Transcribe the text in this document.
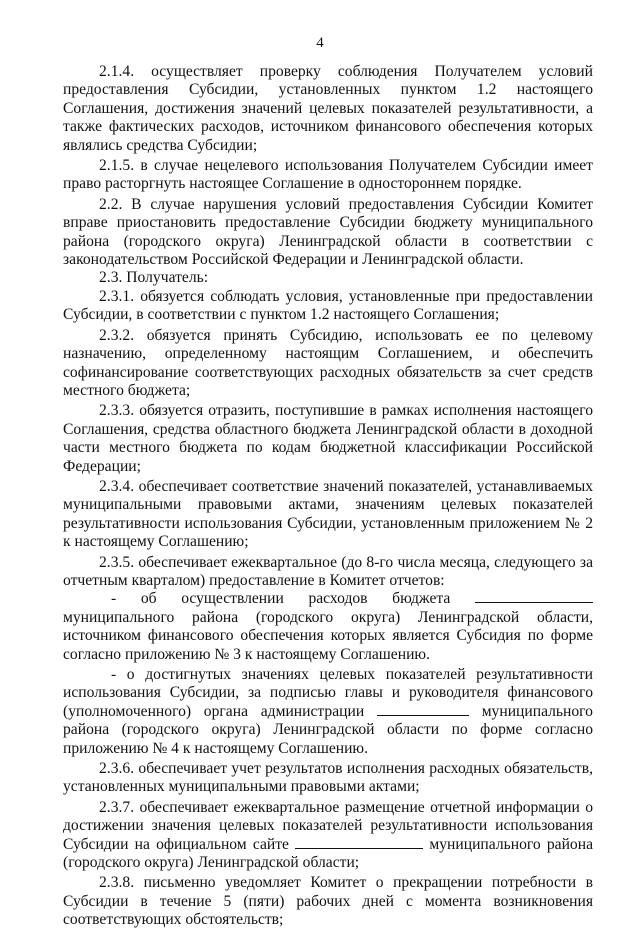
4

2.1.4. осуществляет проверку соблюдения Получателем условий предоставления Субсидии, установленных пунктом 1.2 настоящего Соглашения, достижения значений целевых показателей результативности, а также фактических расходов, источником финансового обеспечения которых являлись средства Субсидии;

2.1.5. в случае нецелевого использования Получателем Субсидии имеет право расторгнуть настоящее Соглашение в одностороннем порядке.

2.2. В случае нарушения условий предоставления Субсидии Комитет вправе приостановить предоставление Субсидии бюджету муниципального района (городского округа) Ленинградской области в соответствии с законодательством Российской Федерации и Ленинградской области.

2.3. Получатель:

2.3.1. обязуется соблюдать условия, установленные при предоставлении Субсидии, в соответствии с пунктом 1.2 настоящего Соглашения;

2.3.2. обязуется принять Субсидию, использовать ее по целевому назначению, определенному настоящим Соглашением, и обеспечить софинансирование соответствующих расходных обязательств за счет средств местного бюджета;

2.3.3. обязуется отразить, поступившие в рамках исполнения настоящего Соглашения, средства областного бюджета Ленинградской области в доходной части местного бюджета по кодам бюджетной классификации Российской Федерации;

2.3.4. обеспечивает соответствие значений показателей, устанавливаемых муниципальными правовыми актами, значениям целевых показателей результативности использования Субсидии, установленным приложением № 2 к настоящему Соглашению;

2.3.5. обеспечивает ежеквартальное (до 8-го числа месяца, следующего за отчетным кварталом) предоставление в Комитет отчетов:

- об осуществлении расходов бюджета

муниципального района (городского округа) Ленинградской области, источником финансового обеспечения которых является Субсидия по форме согласно приложению № 3 к настоящему Соглашению.

- о достигнутых значениях целевых показателей результативности использования Субсидии, за подписью главы и руководителя финансового (уполномоченного) органа администрации	муниципального района (городского округа) Ленинградской области по форме согласно приложению № 4 к настоящему Соглашению.

2.3.6. обеспечивает учет результатов исполнения расходных обязательств, установленных муниципальными правовыми актами;

2.3.7. обеспечивает ежеквартальное размещение отчетной информации о достижении значения целевых показателей результативности использования Субсидии на официальном сайте	муниципального района (городского округа) Ленинградской области;

2.3.8. письменно уведомляет Комитет о прекращении потребности в Субсидии в течение 5 (пяти) рабочих дней с момента возникновения соответствующих обстоятельств;
